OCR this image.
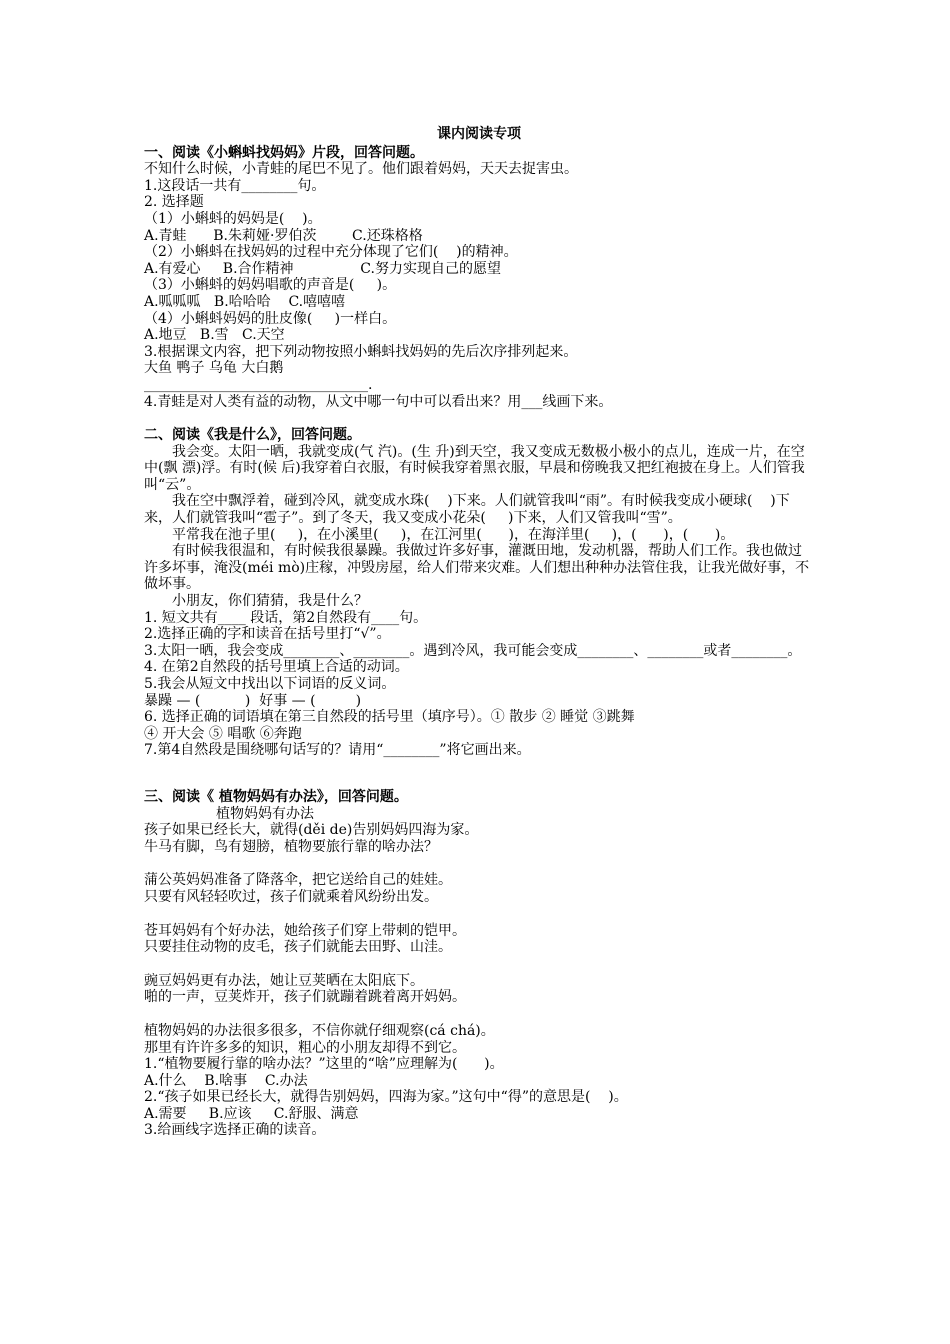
课内阅读专项

一、阅读《小蝌蚪找妈妈》片段，回答问题。

不知什么时候，小青蛙的尾巴不见了。他们跟着妈妈，天天去捉害虫。

1.这段话一共有________句。

2. 选择题

（1）小蝌蚪的妈妈是(    )。

A.青蛙      B.朱莉娅·罗伯茨        C.还珠格格

（2）小蝌蚪在找妈妈的过程中充分体现了它们(    )的精神。

A.有爱心     B.合作精神               C.努力实现自己的愿望

（3）小蝌蚪的妈妈唱歌的声音是(     )。

A.呱呱呱   B.哈哈哈    C.嘻嘻嘻

（4）小蝌蚪妈妈的肚皮像(     )一样白。

A.地豆   B.雪   C.天空

3.根据课文内容，把下列动物按照小蝌蚪找妈妈的先后次序排列起来。

大鱼 鸭子 乌龟 大白鹅

________________________________.

4.青蛙是对人类有益的动物，从文中哪一句中可以看出来？用___线画下来。

二、阅读《我是什么》，回答问题。

我会变。太阳一晒，我就变成(气 汽)。(生 升)到天空，我又变成无数极小极小的点儿，连成一片，在空中(飘 漂)浮。有时(候 后)我穿着白衣服，有时候我穿着黑衣服，早晨和傍晚我又把红袍披在身上。人们管我叫“云”。

我在空中飘浮着，碰到冷风，就变成水珠(    )下来。人们就管我叫“雨”。有时候我变成小硬球(    )下来，人们就管我叫“雹子”。到了冬天，我又变成小花朵(     )下来，人们又管我叫“雪”。

平常我在池子里(     )，在小溪里(     )，在江河里(      )，在海洋里(     )，(      )，(      )。

有时候我很温和，有时候我很暴躁。我做过许多好事，灌溉田地，发动机器，帮助人们工作。我也做过许多坏事，淹没(méi mò)庄稼，冲毁房屋，给人们带来灾难。人们想出种种办法管住我，让我光做好事，不做坏事。

小朋友，你们猜猜，我是什么？

1. 短文共有____ 段话，第2自然段有____句。

2.选择正确的字和读音在括号里打“√”。

3.太阳一晒，我会变成________、________。遇到冷风，我可能会变成________、________或者________。

4. 在第2自然段的括号里填上合适的动词。

5.我会从短文中找出以下词语的反义词。

暴躁 — (          )  好事 — (         )

6. 选择正确的词语填在第三自然段的括号里（填序号）。① 散步 ② 睡觉 ③跳舞

④ 开大会 ⑤ 唱歌 ⑥奔跑

7.第4自然段是围绕哪句话写的？请用“________”将它画出来。

三、阅读《 植物妈妈有办法》，回答问题。

植物妈妈有办法

孩子如果已经长大，就得(děi de)告别妈妈四海为家。

牛马有脚，鸟有翅膀，植物要旅行靠的啥办法？

蒲公英妈妈准备了降落伞，把它送给自己的娃娃。

只要有风轻轻吹过，孩子们就乘着风纷纷出发。

苍耳妈妈有个好办法，她给孩子们穿上带刺的铠甲。

只要挂住动物的皮毛，孩子们就能去田野、山洼。

豌豆妈妈更有办法，她让豆荚晒在太阳底下。

啪的一声，豆荚炸开，孩子们就蹦着跳着离开妈妈。

植物妈妈的办法很多很多，不信你就仔细观察(cá chá)。

那里有许许多多的知识，粗心的小朋友却得不到它。

1.“植物要履行靠的啥办法？”这里的“啥”应理解为(      )。

A.什么    B.啥事    C.办法

2.“孩子如果已经长大，就得告别妈妈，四海为家。”这句中“得”的意思是(    )。

A.需要     B.应该     C.舒服、满意

3.给画线字选择正确的读音。
